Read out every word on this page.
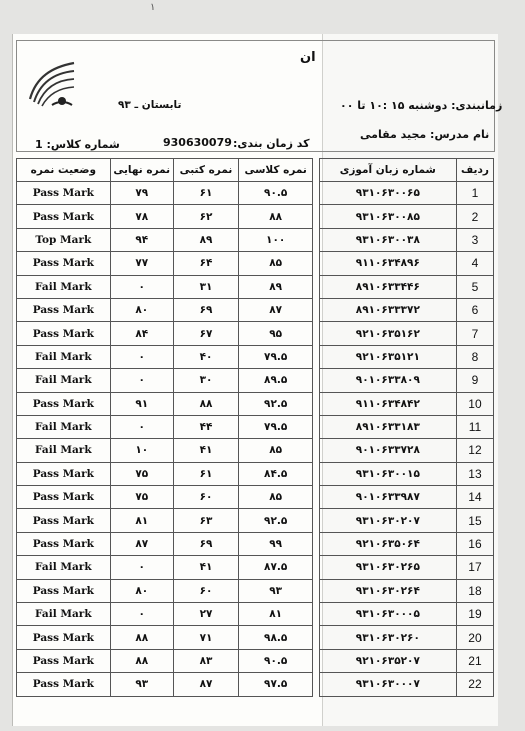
۱
ان
زمانبندی: دوشنبه ۱۵ :۱۰ تا ۰۰
تابستان ـ ۹۳
نام مدرس: مجید مقامی
کد زمان بندی:
930630079
شماره کلاس: 1
وضعیت نمره	نمره نهایی	نمره کتبی	نمره کلاسی		شماره زبان آموزی	ردیف
Pass Mark	۷۹	۶۱	۹۰.۵		۹۳۱۰۶۳۰۰۶۵	1
Pass Mark	۷۸	۶۲	۸۸		۹۳۱۰۶۳۰۰۸۵	2
Top Mark	۹۴	۸۹	۱۰۰		۹۳۱۰۶۳۰۰۳۸	3
Pass Mark	۷۷	۶۴	۸۵		۹۱۱۰۶۳۴۸۹۶	4
Fail Mark	۰	۳۱	۸۹		۸۹۱۰۶۳۳۴۴۶	5
Pass Mark	۸۰	۶۹	۸۷		۸۹۱۰۶۳۳۳۷۲	6
Pass Mark	۸۴	۶۷	۹۵		۹۲۱۰۶۳۵۱۶۲	7
Fail Mark	۰	۴۰	۷۹.۵		۹۲۱۰۶۳۵۱۲۱	8
Fail Mark	۰	۳۰	۸۹.۵		۹۰۱۰۶۳۳۸۰۹	9
Pass Mark	۹۱	۸۸	۹۲.۵		۹۱۱۰۶۳۴۸۴۲	10
Fail Mark	۰	۴۴	۷۹.۵		۸۹۱۰۶۳۳۱۸۳	11
Fail Mark	۱۰	۴۱	۸۵		۹۰۱۰۶۳۳۷۲۸	12
Pass Mark	۷۵	۶۱	۸۴.۵		۹۳۱۰۶۳۰۰۱۵	13
Pass Mark	۷۵	۶۰	۸۵		۹۰۱۰۶۳۳۹۸۷	14
Pass Mark	۸۱	۶۳	۹۲.۵		۹۳۱۰۶۳۰۲۰۷	15
Pass Mark	۸۷	۶۹	۹۹		۹۲۱۰۶۳۵۰۶۴	16
Fail Mark	۰	۴۱	۸۷.۵		۹۳۱۰۶۳۰۲۶۵	17
Pass Mark	۸۰	۶۰	۹۳		۹۳۱۰۶۳۰۲۶۴	18
Fail Mark	۰	۲۷	۸۱		۹۳۱۰۶۳۰۰۰۵	19
Pass Mark	۸۸	۷۱	۹۸.۵		۹۳۱۰۶۳۰۲۶۰	20
Pass Mark	۸۸	۸۳	۹۰.۵		۹۲۱۰۶۳۵۲۰۷	21
Pass Mark	۹۳	۸۷	۹۷.۵		۹۳۱۰۶۳۰۰۰۷	22
